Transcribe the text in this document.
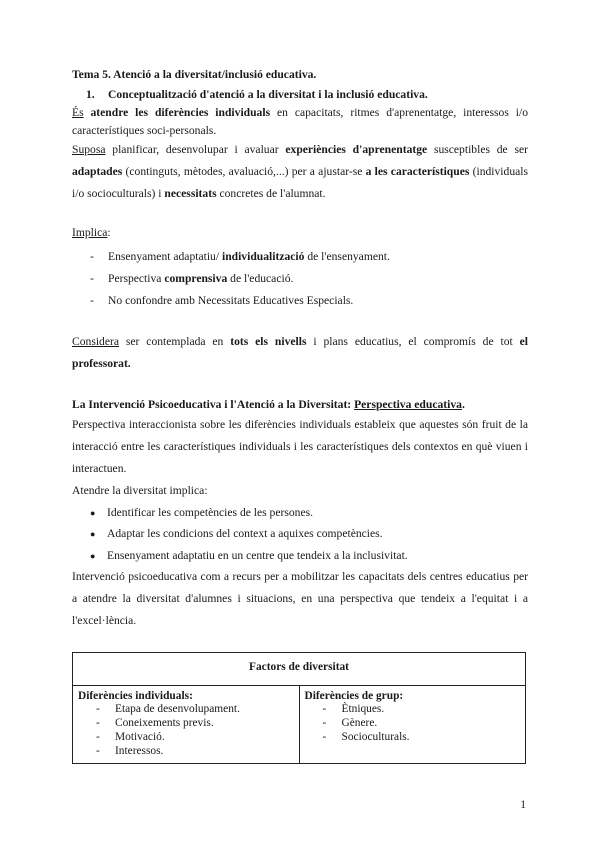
Tema 5. Atenció a la diversitat/inclusió educativa.

1. Conceptualització d'atenció a la diversitat i la inclusió educativa.

És atendre les diferències individuals en capacitats, ritmes d'aprenentatge, interessos i/o característiques soci-personals.

Suposa planificar, desenvolupar i avaluar experiències d'aprenentatge susceptibles de ser adaptades (continguts, mètodes, avaluació,...) per a ajustar-se a les característiques (individuals i/o socioculturals) i necessitats concretes de l'alumnat.

Implica:

- Ensenyament adaptatiu/ individualització de l'ensenyament.
- Perspectiva comprensiva de l'educació.
- No confondre amb Necessitats Educatives Especials.

Considera ser contemplada en tots els nivells i plans educatius, el compromís de tot el professorat.

La Intervenció Psicoeducativa i l'Atenció a la Diversitat: Perspectiva educativa.

Perspectiva interaccionista sobre les diferències individuals estableix que aquestes són fruit de la interacció entre les característiques individuals i les característiques dels contextos en què viuen i interactuen.

Atendre la diversitat implica:

● Identificar les competències de les persones.
● Adaptar les condicions del context a aquixes competències.
● Ensenyament adaptatiu en un centre que tendeix a la inclusivitat.

Intervenció psicoeducativa com a recurs per a mobilitzar les capacitats dels centres educatius per a atendre la diversitat d'alumnes i situacions, en una perspectiva que tendeix a l'equitat i a l'excel·lència.

Factors de diversitat

Diferències individuals:
- Etapa de desenvolupament.
- Coneixements previs.
- Motivació.
- Interessos.

Diferències de grup:
- Ètniques.
- Gènere.
- Socioculturals.
1
